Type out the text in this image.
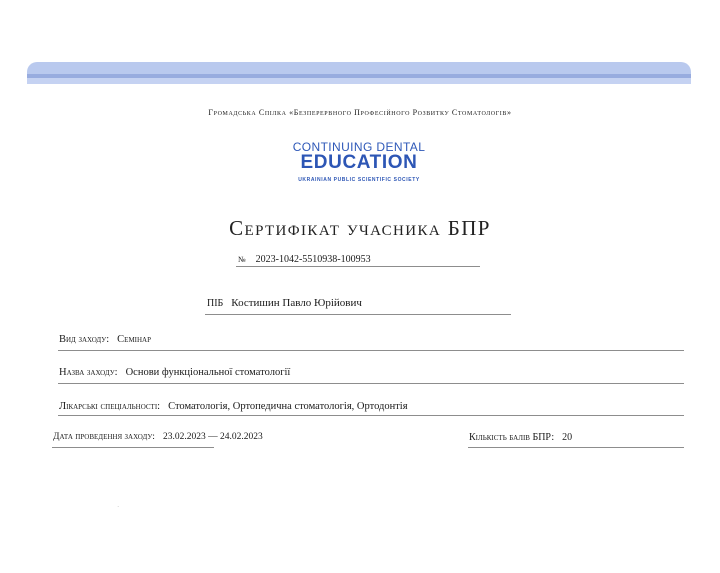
Громадська Спілка «Безперервного Професійного Розвитку Стоматологів»
CONTINUING DENTAL
EDUCATION
UKRAINIAN PUBLIC SCIENTIFIC SOCIETY
Сертифікат учасника БПР
№ 2023-1042-5510938-100953
ПІБ Костишин Павло Юрійович
Вид заходу: Семінар
Назва заходу: Основи функціональної стоматології
Лікарські спеціальності: Стоматологія, Ортопедична стоматологія, Ортодонтія
Дата проведення заходу: 23.02.2023 — 24.02.2023	Кількість балів БПР: 20
·
